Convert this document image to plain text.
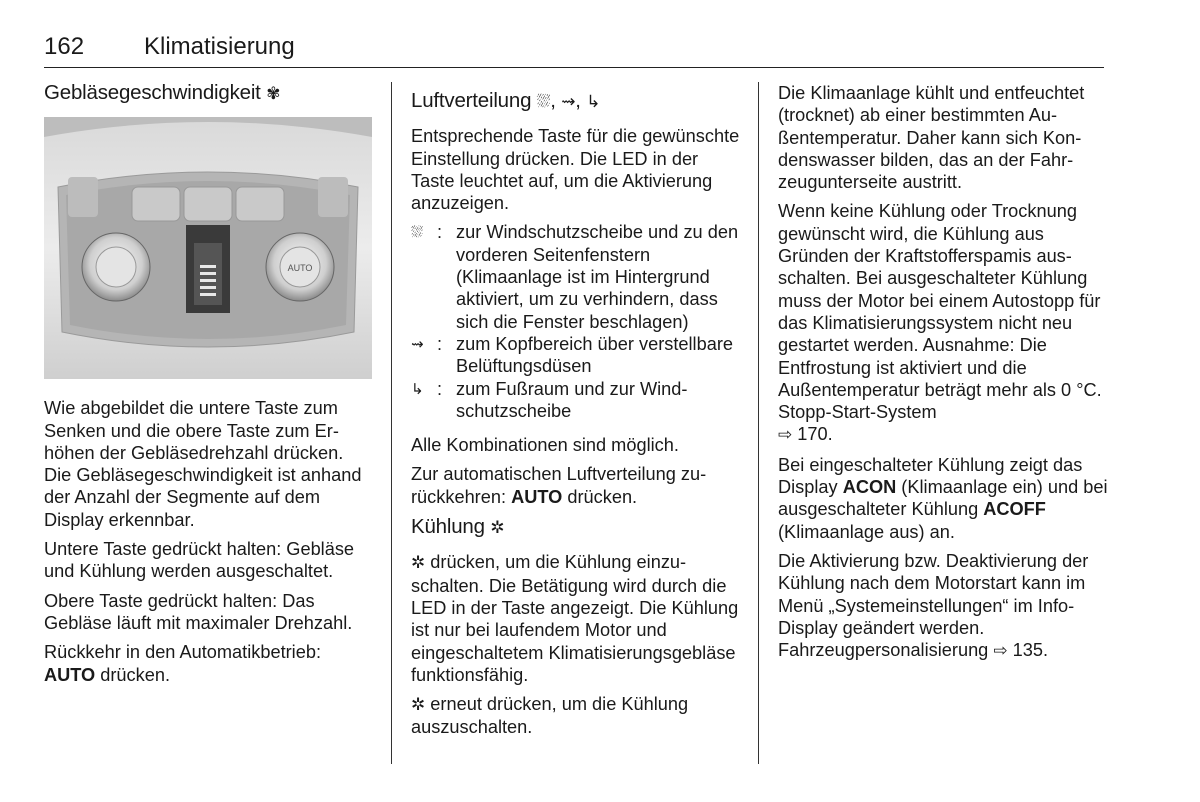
162 Klimatisierung
Gebläsegeschwindigkeit ✾
AUTO

Wie abgebildet die untere Taste zum Senken und die obere Taste zum Erhöhen der Gebläsedrehzahl drücken. Die Gebläsegeschwindigkeit ist anhand der Anzahl der Segmente auf dem Display erkennbar.

Untere Taste gedrückt halten: Gebläse und Kühlung werden ausgeschaltet.

Obere Taste gedrückt halten: Das Gebläse läuft mit maximaler Drehzahl.

Rückkehr in den Automatikbetrieb:
AUTO drücken.

Luftverteilung ⛆, ⇝, ↳

Entsprechende Taste für die gewünschte Einstellung drücken. Die LED in der Taste leuchtet auf, um die Aktivierung anzuzeigen.

⛆ : zur Windschutzscheibe und zu den vorderen Seitenfenstern (Klimaanlage ist im Hintergrund aktiviert, um zu verhindern, dass sich die Fenster beschlagen)
⇝ : zum Kopfbereich über verstellbare Belüftungsdüsen
↳ : zum Fußraum und zur Windschutzscheibe

Alle Kombinationen sind möglich.

Zur automatischen Luftverteilung zurückkehren: AUTO drücken.

Kühlung ✲

✲ drücken, um die Kühlung einzuschalten. Die Betätigung wird durch die LED in der Taste angezeigt. Die Kühlung ist nur bei laufendem Motor und eingeschaltetem Klimatisierungsgebläse funktionsfähig.

✲ erneut drücken, um die Kühlung auszuschalten.

Die Klimaanlage kühlt und entfeuchtet (trocknet) ab einer bestimmten Außentemperatur. Daher kann sich Kondenswasser bilden, das an der Fahrzeugunterseite austritt.

Wenn keine Kühlung oder Trocknung gewünscht wird, die Kühlung aus Gründen der Kraftstofferspamis ausschalten. Bei ausgeschalteter Kühlung muss der Motor bei einem Autostopp für das Klimatisierungssystem nicht neu gestartet werden. Ausnahme: Die Entfrostung ist aktiviert und die Außentemperatur beträgt mehr als 0 °C. Stopp-Start-System
⇨ 170.

Bei eingeschalteter Kühlung zeigt das Display ACON (Klimaanlage ein) und bei ausgeschalteter Kühlung ACOFF (Klimaanlage aus) an.

Die Aktivierung bzw. Deaktivierung der Kühlung nach dem Motorstart kann im Menü „Systemeinstellungen“ im Info-Display geändert werden. Fahrzeugpersonalisierung ⇨ 135.
